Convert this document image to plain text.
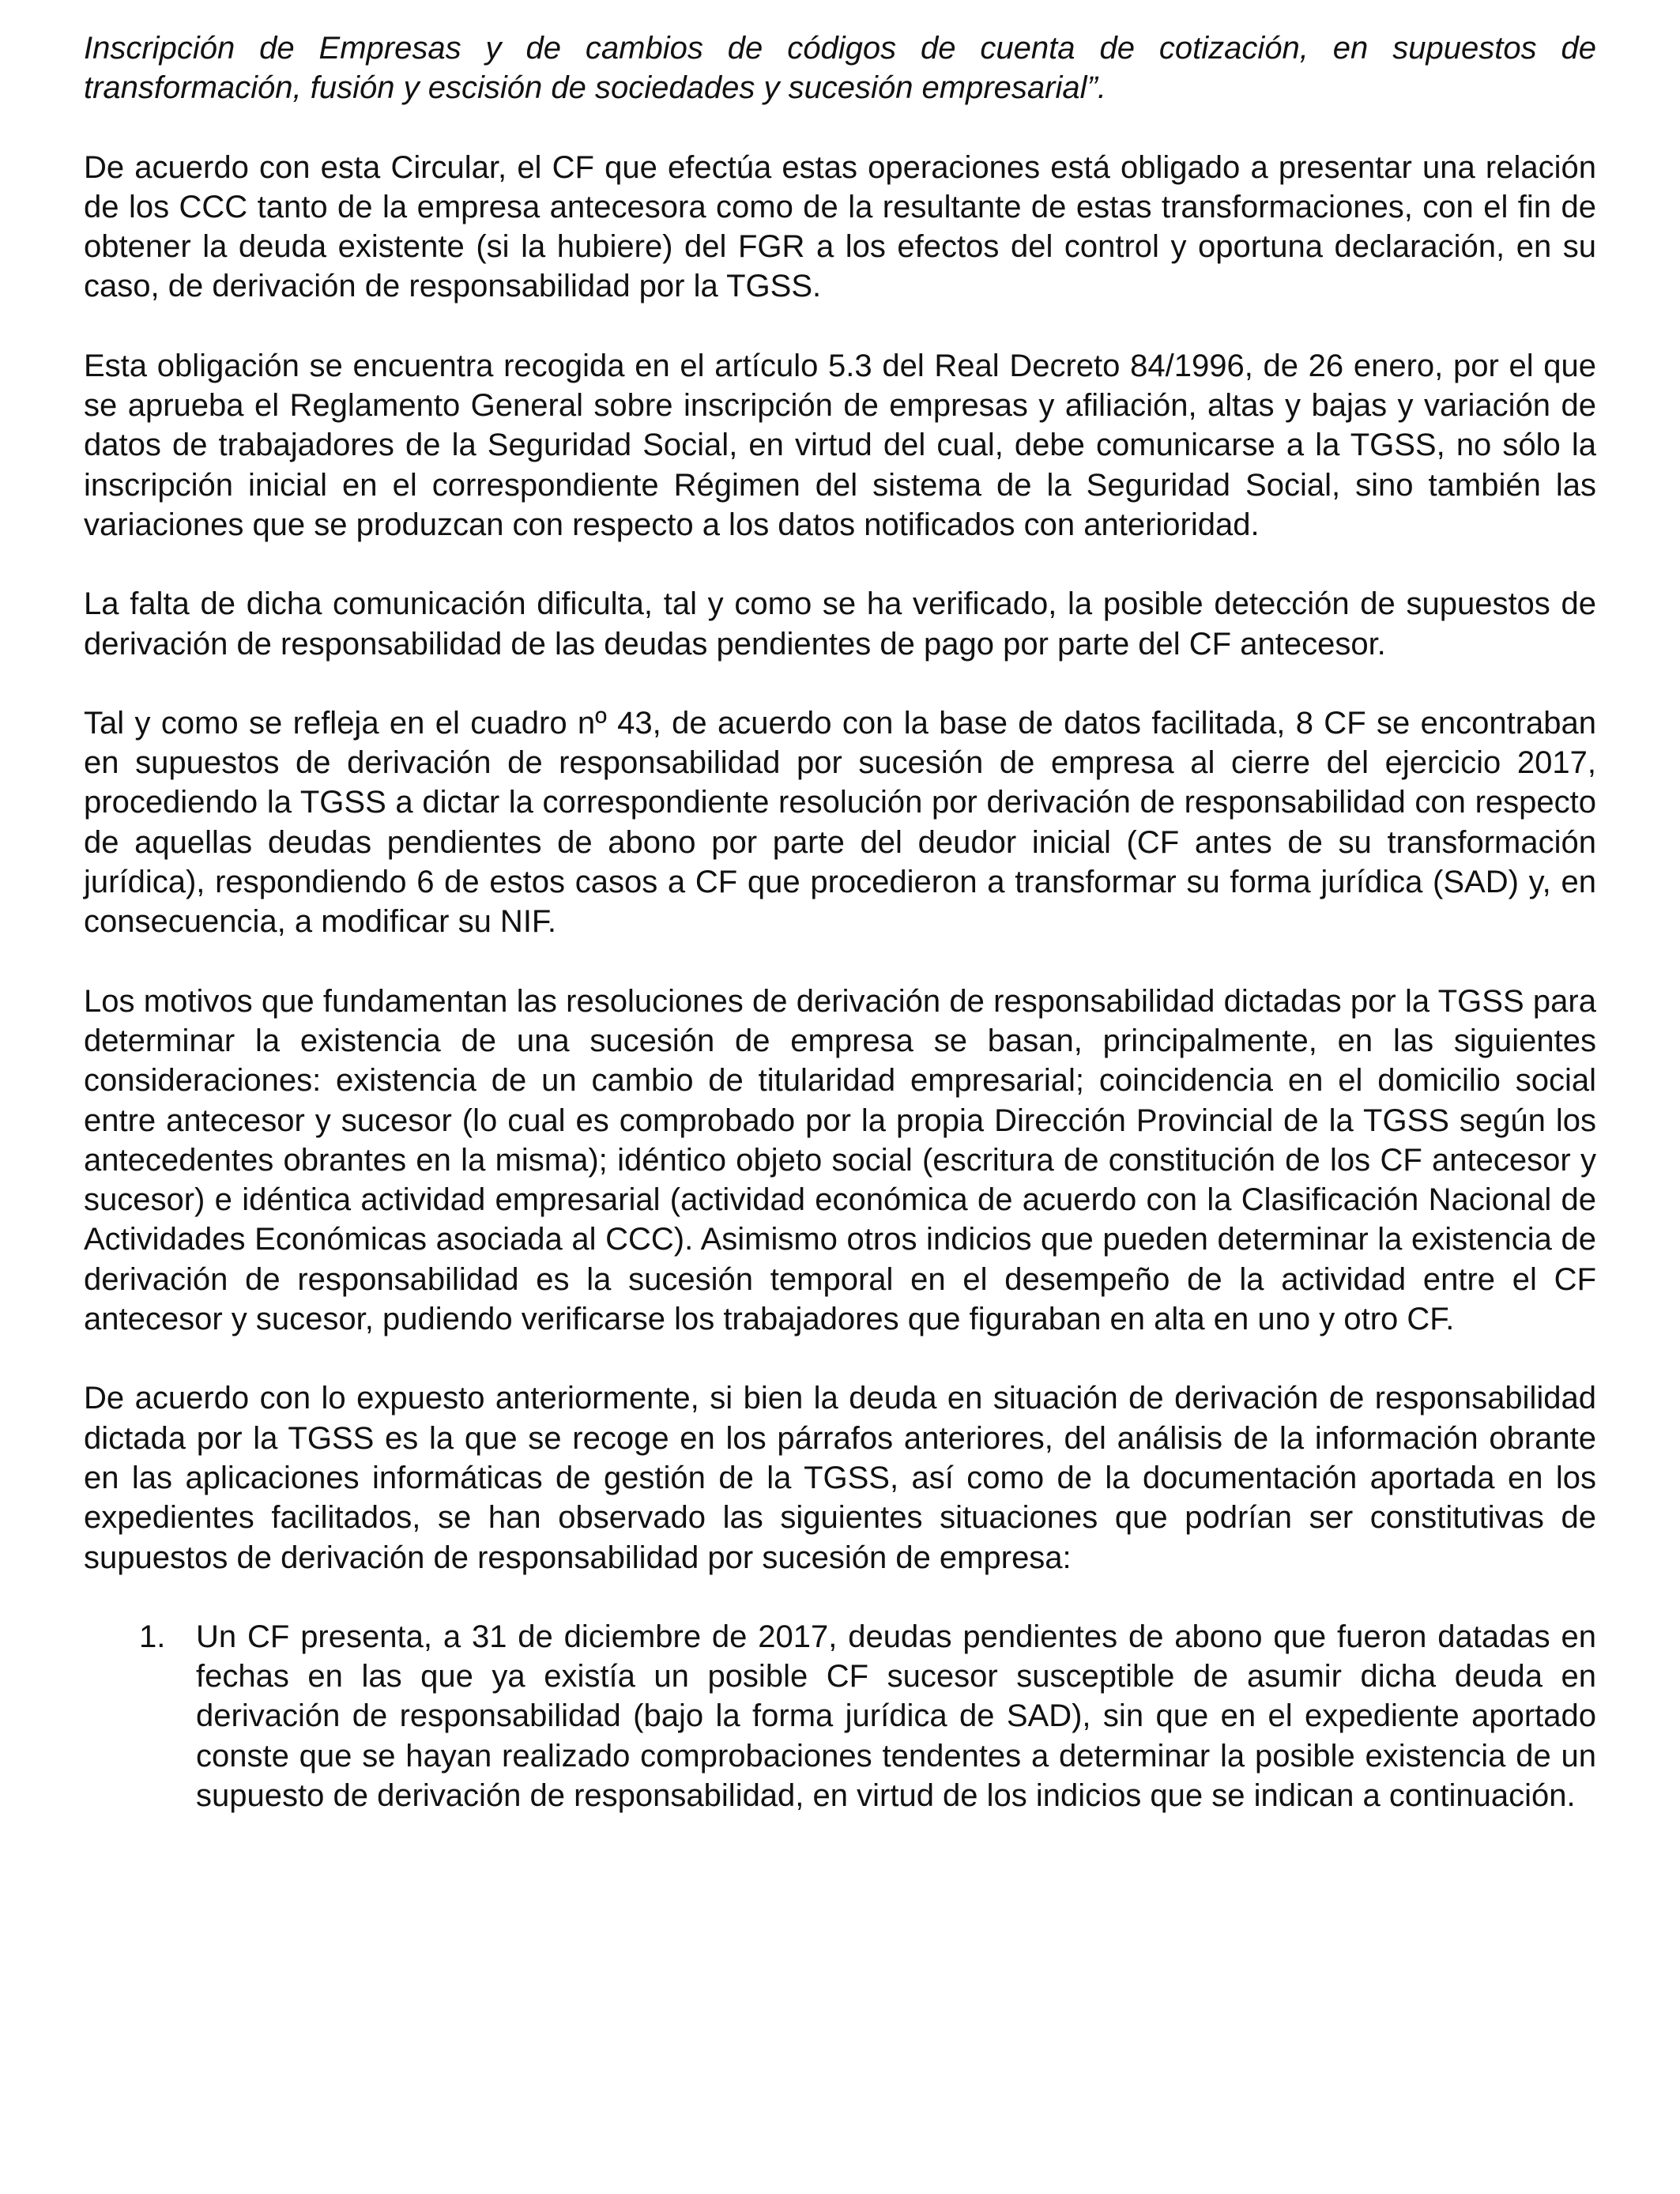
Inscripción de Empresas y de cambios de códigos de cuenta de cotización, en supuestos de transformación, fusión y escisión de sociedades y sucesión empresarial”.

De acuerdo con esta Circular, el CF que efectúa estas operaciones está obligado a presentar una relación de los CCC tanto de la empresa antecesora como de la resultante de estas transformaciones, con el fin de obtener la deuda existente (si la hubiere) del FGR a los efectos del control y oportuna declaración, en su caso, de derivación de responsabilidad por la TGSS.

Esta obligación se encuentra recogida en el artículo 5.3 del Real Decreto 84/1996, de 26 enero, por el que se aprueba el Reglamento General sobre inscripción de empresas y afiliación, altas y bajas y variación de datos de trabajadores de la Seguridad Social, en virtud del cual, debe comunicarse a la TGSS, no sólo la inscripción inicial en el correspondiente Régimen del sistema de la Seguridad Social, sino también las variaciones que se produzcan con respecto a los datos notificados con anterioridad.

La falta de dicha comunicación dificulta, tal y como se ha verificado, la posible detección de supuestos de derivación de responsabilidad de las deudas pendientes de pago por parte del CF antecesor.

Tal y como se refleja en el cuadro nº 43, de acuerdo con la base de datos facilitada, 8 CF se encontraban en supuestos de derivación de responsabilidad por sucesión de empresa al cierre del ejercicio 2017, procediendo la TGSS a dictar la correspondiente resolución por derivación de responsabilidad con respecto de aquellas deudas pendientes de abono por parte del deudor inicial (CF antes de su transformación jurídica), respondiendo 6 de estos casos a CF que procedieron a transformar su forma jurídica (SAD) y, en consecuencia, a modificar su NIF.

Los motivos que fundamentan las resoluciones de derivación de responsabilidad dictadas por la TGSS para determinar la existencia de una sucesión de empresa se basan, principalmente, en las siguientes consideraciones: existencia de un cambio de titularidad empresarial; coincidencia en el domicilio social entre antecesor y sucesor (lo cual es comprobado por la propia Dirección Provincial de la TGSS según los antecedentes obrantes en la misma); idéntico objeto social (escritura de constitución de los CF antecesor y sucesor) e idéntica actividad empresarial (actividad económica de acuerdo con la Clasificación Nacional de Actividades Económicas asociada al CCC). Asimismo otros indicios que pueden determinar la existencia de derivación de responsabilidad es la sucesión temporal en el desempeño de la actividad entre el CF antecesor y sucesor, pudiendo verificarse los trabajadores que figuraban en alta en uno y otro CF.

De acuerdo con lo expuesto anteriormente, si bien la deuda en situación de derivación de responsabilidad dictada por la TGSS es la que se recoge en los párrafos anteriores, del análisis de la información obrante en las aplicaciones informáticas de gestión de la TGSS, así como de la documentación aportada en los expedientes facilitados, se han observado las siguientes situaciones que podrían ser constitutivas de supuestos de derivación de responsabilidad por sucesión de empresa:

1. Un CF presenta, a 31 de diciembre de 2017, deudas pendientes de abono que fueron datadas en fechas en las que ya existía un posible CF sucesor susceptible de asumir dicha deuda en derivación de responsabilidad (bajo la forma jurídica de SAD), sin que en el expediente aportado conste que se hayan realizado comprobaciones tendentes a determinar la posible existencia de un supuesto de derivación de responsabilidad, en virtud de los indicios que se indican a continuación.
